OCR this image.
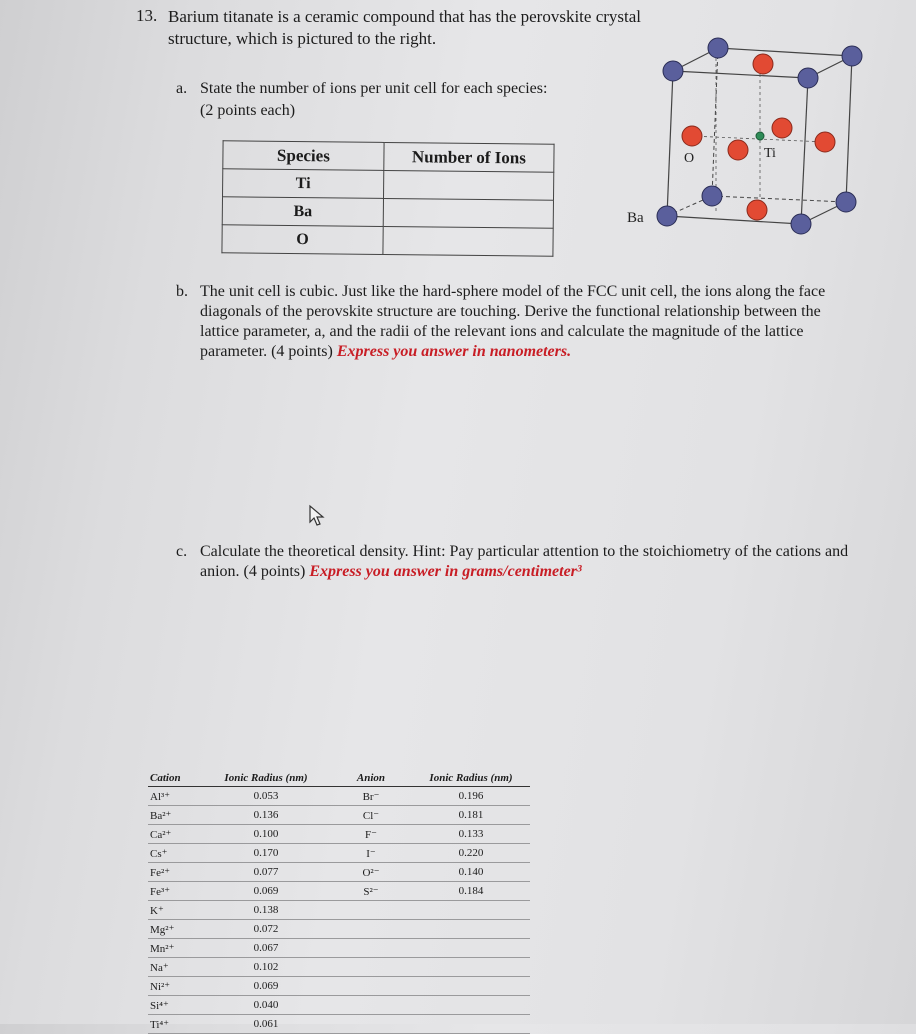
13. Barium titanate is a ceramic compound that has the perovskite crystal structure, which is pictured to the right.
a. State the number of ions per unit cell for each species:
(2 points each)
Species	Number of Ions
Ti	
Ba	
O	
O	Ti
Ba
b. The unit cell is cubic. Just like the hard-sphere model of the FCC unit cell, the ions along the face diagonals of the perovskite structure are touching. Derive the functional relationship between the lattice parameter, a, and the radii of the relevant ions and calculate the magnitude of the lattice parameter. (4 points) Express you answer in nanometers.
c. Calculate the theoretical density. Hint: Pay particular attention to the stoichiometry of the cations and anion. (4 points) Express you answer in grams/centimeter³
Cation	Ionic Radius (nm)	Anion	Ionic Radius (nm)
Al³⁺	0.053	Br⁻	0.196
Ba²⁺	0.136	Cl⁻	0.181
Ca²⁺	0.100	F⁻	0.133
Cs⁺	0.170	I⁻	0.220
Fe²⁺	0.077	O²⁻	0.140
Fe³⁺	0.069	S²⁻	0.184
K⁺	0.138
Mg²⁺	0.072
Mn²⁺	0.067
Na⁺	0.102
Ni²⁺	0.069
Si⁴⁺	0.040
Ti⁴⁺	0.061
